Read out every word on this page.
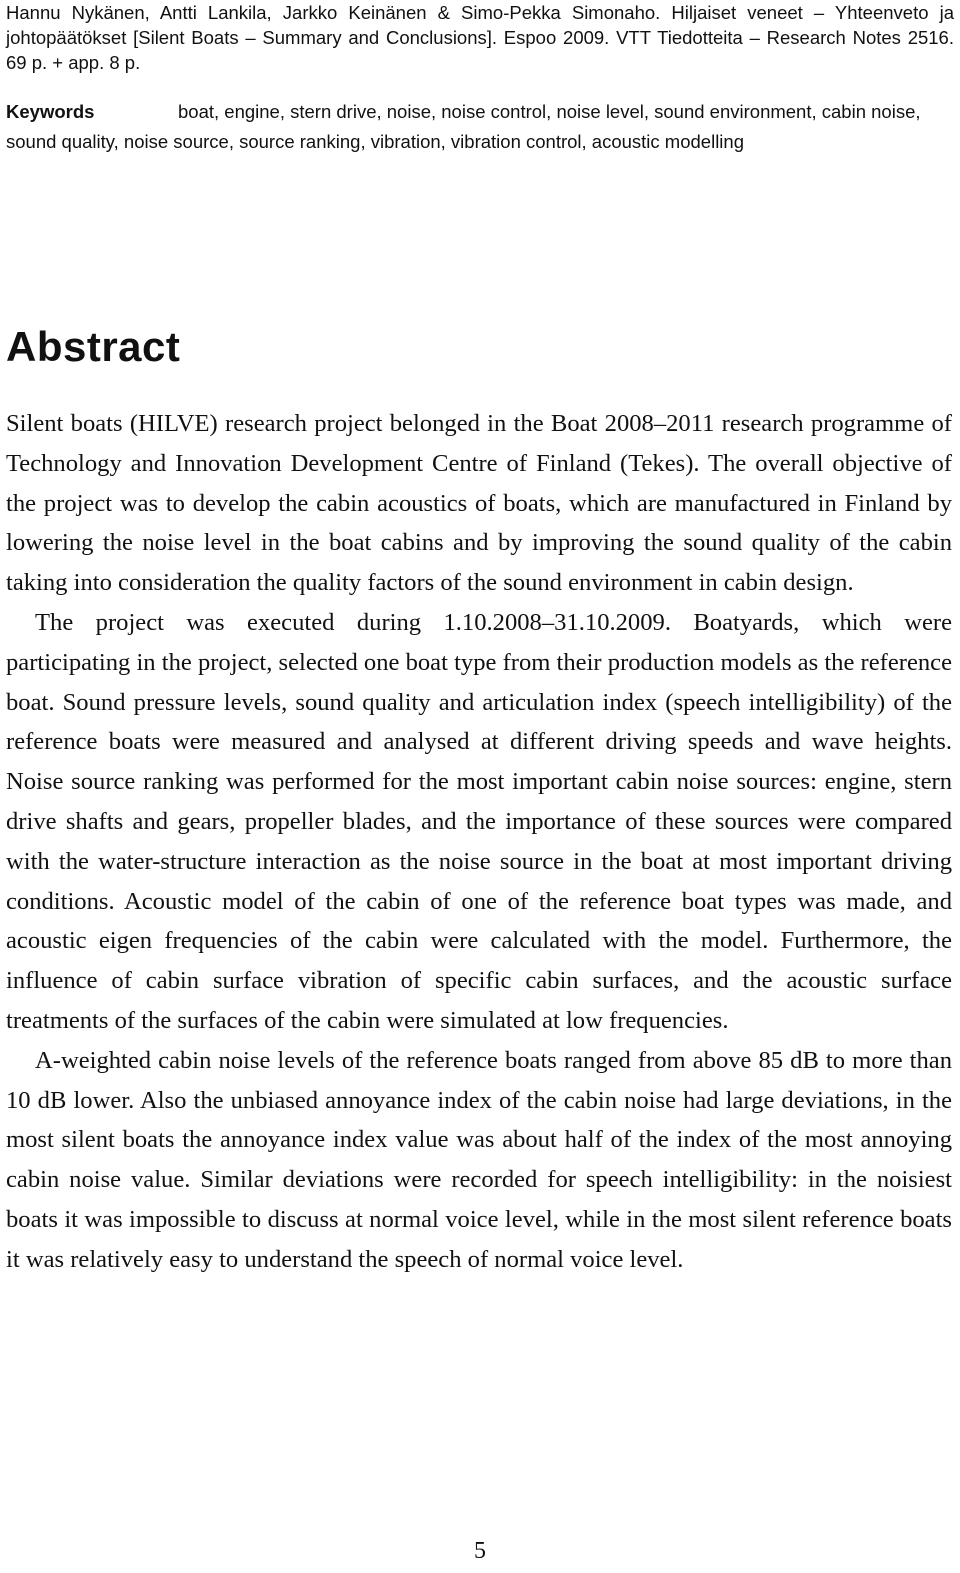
Hannu Nykänen, Antti Lankila, Jarkko Keinänen & Simo-Pekka Simonaho. Hiljaiset veneet – Yhteenveto ja johtopäätökset [Silent Boats – Summary and Conclusions]. Espoo 2009. VTT Tiedotteita – Research Notes 2516. 69 p. + app. 8 p.

Keywords	boat, engine, stern drive, noise, noise control, noise level, sound environment, cabin noise, sound quality, noise source, source ranking, vibration, vibration control, acoustic modelling

Abstract

Silent boats (HILVE) research project belonged in the Boat 2008–2011 research programme of Technology and Innovation Development Centre of Finland (Tekes). The overall objective of the project was to develop the cabin acoustics of boats, which are manufactured in Finland by lowering the noise level in the boat cabins and by improving the sound quality of the cabin taking into consideration the quality factors of the sound environment in cabin design.

The project was executed during 1.10.2008–31.10.2009. Boatyards, which were participating in the project, selected one boat type from their production models as the reference boat. Sound pressure levels, sound quality and articulation index (speech intelligibility) of the reference boats were measured and analysed at different driving speeds and wave heights. Noise source ranking was performed for the most important cabin noise sources: engine, stern drive shafts and gears, propeller blades, and the importance of these sources were compared with the water-structure interaction as the noise source in the boat at most important driving conditions. Acoustic model of the cabin of one of the reference boat types was made, and acoustic eigen frequencies of the cabin were calculated with the model. Furthermore, the influence of cabin surface vibration of specific cabin surfaces, and the acoustic surface treatments of the surfaces of the cabin were simulated at low frequencies.

A-weighted cabin noise levels of the reference boats ranged from above 85 dB to more than 10 dB lower. Also the unbiased annoyance index of the cabin noise had large deviations, in the most silent boats the annoyance index value was about half of the index of the most annoying cabin noise value. Similar deviations were recorded for speech intelligibility: in the noisiest boats it was impossible to discuss at normal voice level, while in the most silent reference boats it was relatively easy to understand the speech of normal voice level.

5
